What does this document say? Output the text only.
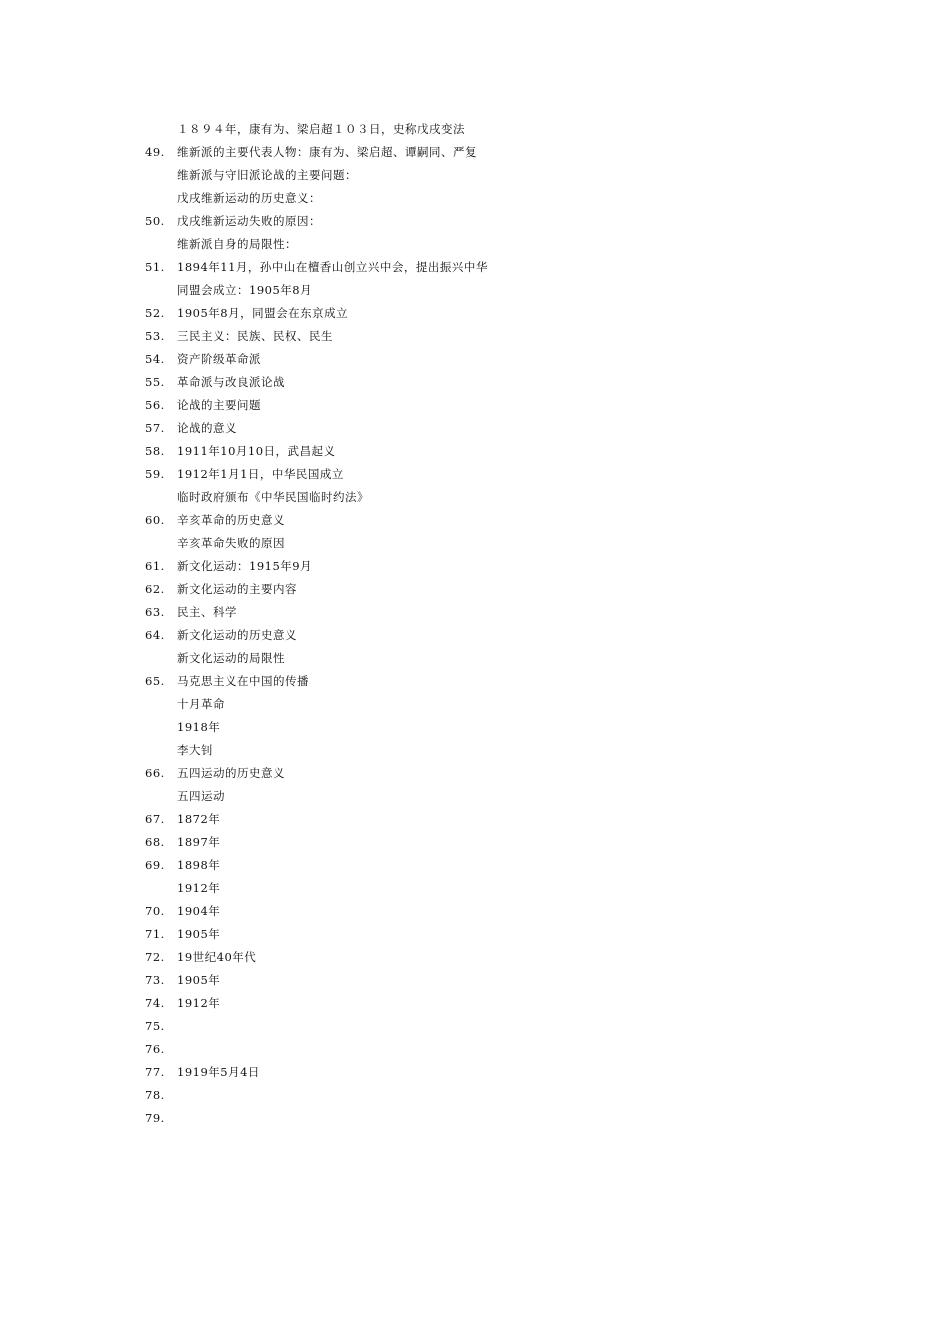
１８９４年，康有为、梁启超１０３日，史称戊戌变法
49.	维新派的主要代表人物：康有为、梁启超、谭嗣同、严复
维新派与守旧派论战的主要问题：
戊戌维新运动的历史意义：
50.	戊戌维新运动失败的原因：
维新派自身的局限性：
51.	1894年11月，孙中山在檀香山创立兴中会，提出振兴中华
同盟会成立：1905年8月
52.	1905年8月，同盟会在东京成立
53.	三民主义：民族、民权、民生
54.	资产阶级革命派
55.	革命派与改良派论战
56.	论战的主要问题
57.	论战的意义
58.	1911年10月10日，武昌起义
59.	1912年1月1日，中华民国成立
临时政府颁布《中华民国临时约法》
60.	辛亥革命的历史意义
辛亥革命失败的原因
61.	新文化运动：1915年9月
62.	新文化运动的主要内容
63.	民主、科学
64.	新文化运动的历史意义
新文化运动的局限性
65.	马克思主义在中国的传播
十月革命
1918年
李大钊
66.	五四运动的历史意义
五四运动
67.	1872年
68.	1897年
69.	1898年
1912年
70.	1904年
71.	1905年
72.	19世纪40年代
73.	1905年
74.	1912年
75.
76.
77.	1919年5月4日
78.
79.
